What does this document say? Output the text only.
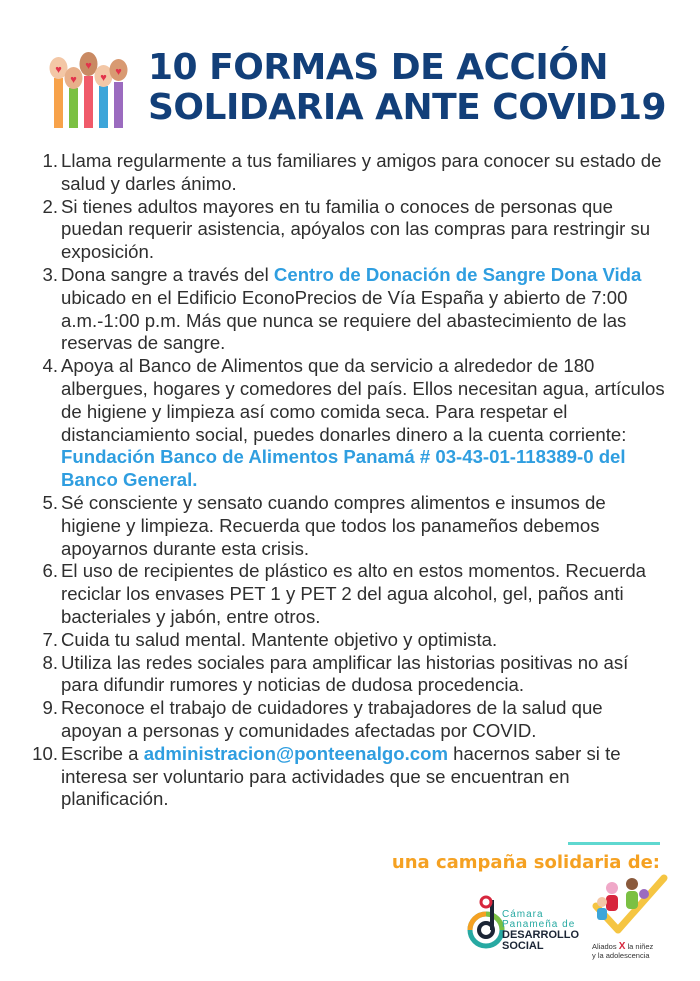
♥
♥
♥
♥ ♥ 10 FORMAS DE ACCIÓN
SOLIDARIA ANTE COVID19
1. Llama regularmente a tus familiares y amigos para conocer su estado de salud y darles ánimo.
2. Si tienes adultos mayores en tu familia o conoces de personas que puedan requerir asistencia, apóyalos con las compras para restringir su exposición.
3. Dona sangre a través del Centro de Donación de Sangre Dona Vida ubicado en el Edificio EconoPrecios de Vía España y abierto de 7:00 a.m.-1:00 p.m. Más que nunca se requiere del abastecimiento de las reservas de sangre.
4. Apoya al Banco de Alimentos que da servicio a alrededor de 180 albergues, hogares y comedores del país. Ellos necesitan agua, artículos de higiene y limpieza así como comida seca. Para respetar el distanciamiento social, puedes donarles dinero a la cuenta corriente: Fundación Banco de Alimentos Panamá # 03-43-01-118389-0 del Banco General.
5. Sé consciente y sensato cuando compres alimentos e insumos de higiene y limpieza. Recuerda que todos los panameños debemos apoyarnos durante esta crisis.
6. El uso de recipientes de plástico es alto en estos momentos. Recuerda reciclar los envases PET 1 y PET 2 del agua alcohol, gel, paños anti bacteriales y jabón, entre otros.
7. Cuida tu salud mental. Mantente objetivo y optimista.
8. Utiliza las redes sociales para amplificar las historias positivas no así para difundir rumores y noticias de dudosa procedencia.
9. Reconoce el trabajo de cuidadores y trabajadores de la salud que apoyan a personas y comunidades afectadas por COVID.
10. Escribe a administracion@ponteenalgo.com hacernos saber si te interesa ser voluntario para actividades que se encuentran en planificación.
una campaña solidaria de:
Cámara
Panameña de
DESARROLLO
SOCIAL	Aliados X la niñez
y la adolescencia
